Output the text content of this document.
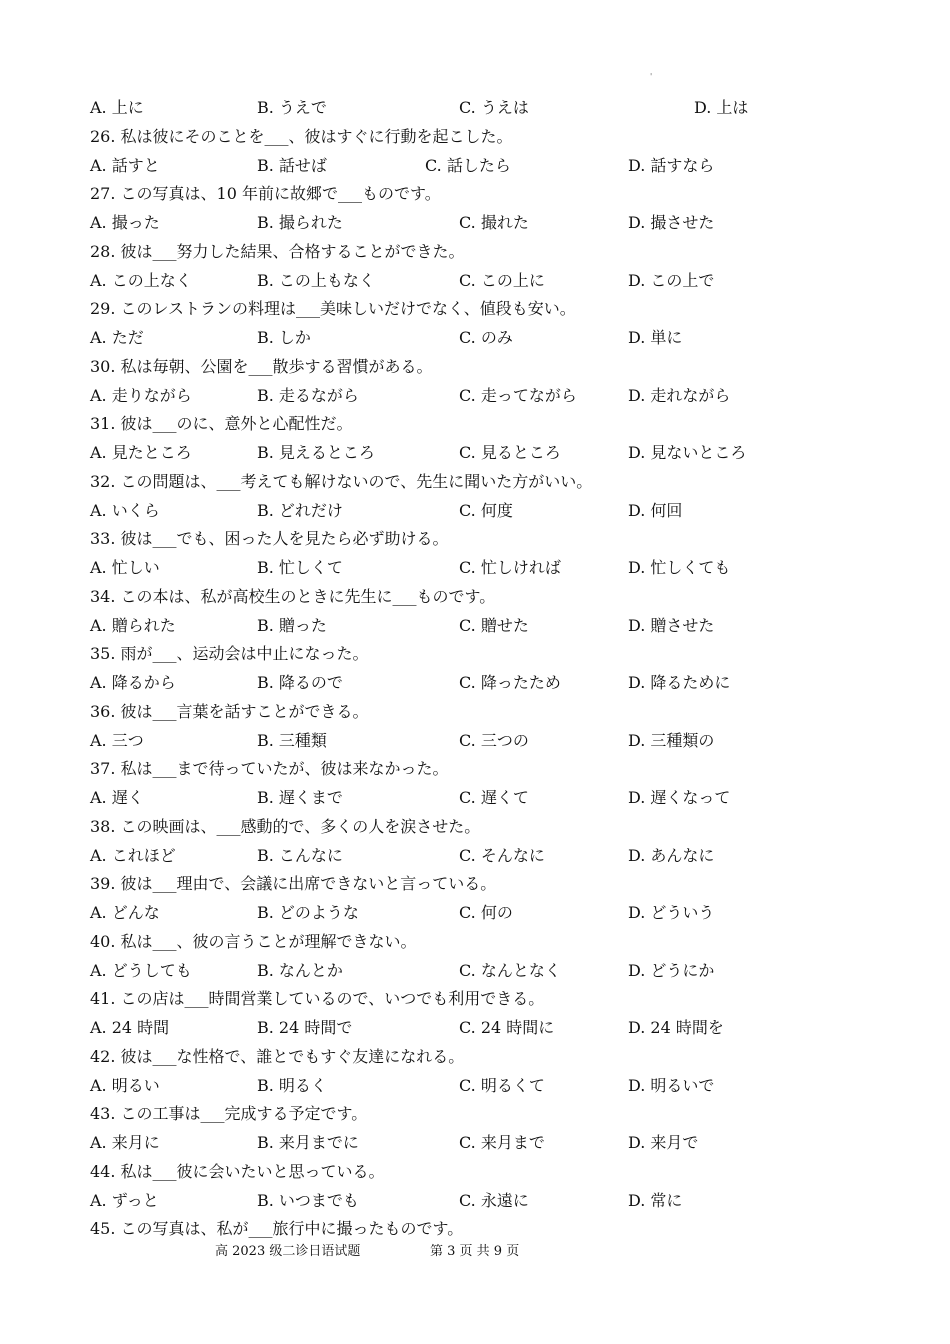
'
A. 上に	B. うえで	C. うえは	D. 上は
26. 私は彼にそのことを___、彼はすぐに行動を起こした。
A. 話すと	B. 話せば	C. 話したら	D. 話すなら
27. この写真は、10 年前に故郷で___ものです。
A. 撮った	B. 撮られた	C. 撮れた	D. 撮させた
28. 彼は___努力した結果、合格することができた。
A. この上なく	B. この上もなく	C. この上に	D. この上で
29. このレストランの料理は___美味しいだけでなく、値段も安い。
A. ただ	B. しか	C. のみ	D. 単に
30. 私は毎朝、公園を___散歩する習慣がある。
A. 走りながら	B. 走るながら	C. 走ってながら	D. 走れながら
31. 彼は___のに、意外と心配性だ。
A. 見たところ	B. 見えるところ	C. 見るところ	D. 見ないところ
32. この問題は、___考えても解けないので、先生に聞いた方がいい。
A. いくら	B. どれだけ	C. 何度	D. 何回
33. 彼は___でも、困った人を見たら必ず助ける。
A. 忙しい	B. 忙しくて	C. 忙しければ	D. 忙しくても
34. この本は、私が高校生のときに先生に___ものです。
A. 贈られた	B. 贈った	C. 贈せた	D. 贈させた
35. 雨が___、运动会は中止になった。
A. 降るから	B. 降るので	C. 降ったため	D. 降るために
36. 彼は___言葉を話すことができる。
A. 三つ	B. 三種類	C. 三つの	D. 三種類の
37. 私は___まで待っていたが、彼は来なかった。
A. 遅く	B. 遅くまで	C. 遅くて	D. 遅くなって
38. この映画は、___感動的で、多くの人を涙させた。
A. これほど	B. こんなに	C. そんなに	D. あんなに
39. 彼は___理由で、会議に出席できないと言っている。
A. どんな	B. どのような	C. 何の	D. どういう
40. 私は___、彼の言うことが理解できない。
A. どうしても	B. なんとか	C. なんとなく	D. どうにか
41. この店は___時間営業しているので、いつでも利用できる。
A. 24 時間	B. 24 時間で	C. 24 時間に	D. 24 時間を
42. 彼は___な性格で、誰とでもすぐ友達になれる。
A. 明るい	B. 明るく	C. 明るくて	D. 明るいで
43. この工事は___完成する予定です。
A. 来月に	B. 来月までに	C. 来月まで	D. 来月で
44. 私は___彼に会いたいと思っている。
A. ずっと	B. いつまでも	C. 永遠に	D. 常に
45. この写真は、私が___旅行中に撮ったものです。
高 2023 级二诊日语试题	第 3 页 共 9 页
